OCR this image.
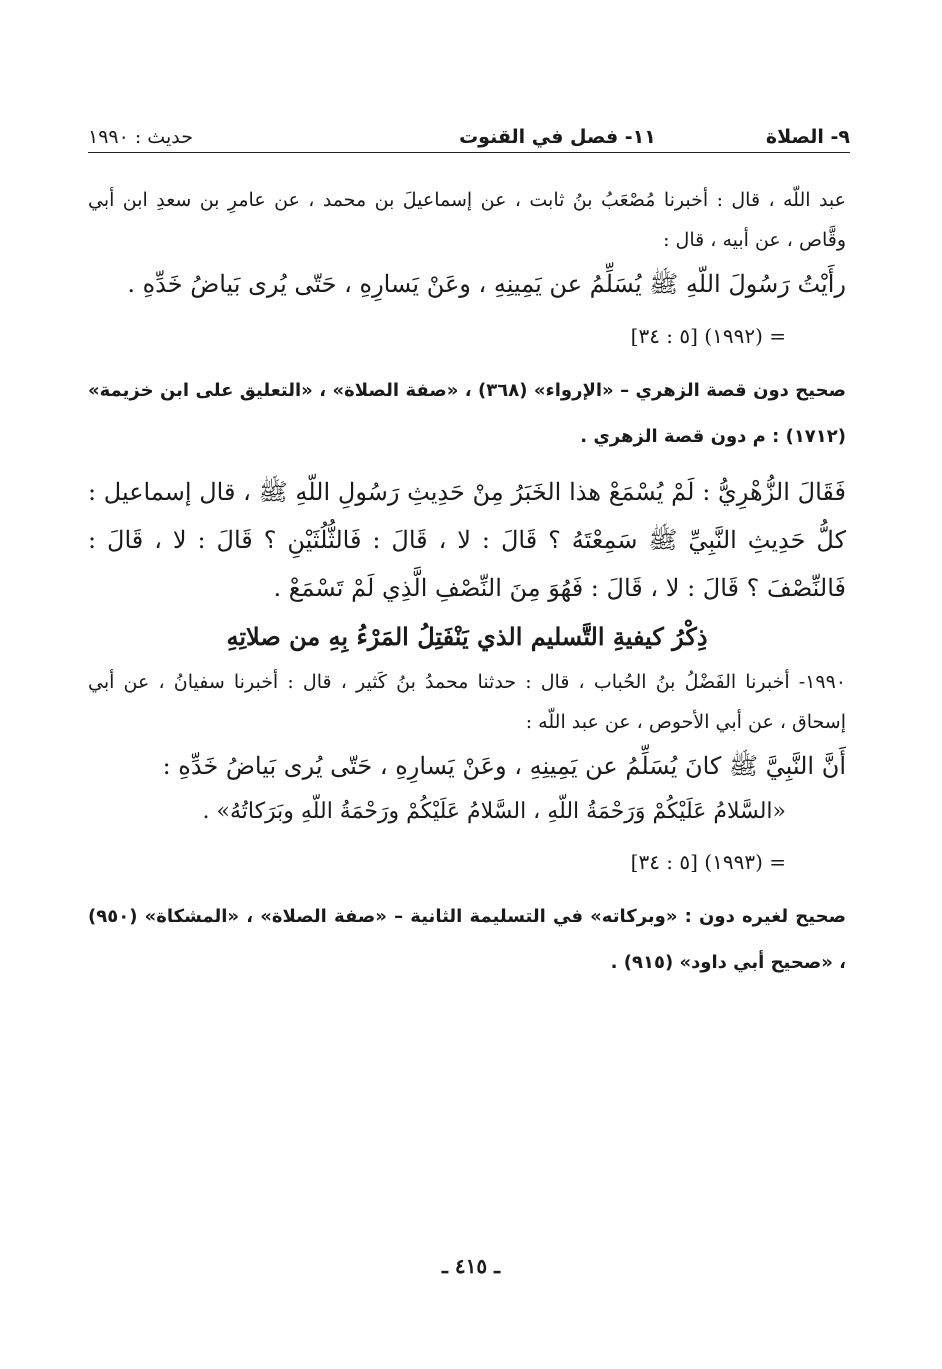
٩- الصلاة
١١- فصل في القنوت
حديث : ١٩٩٠

عبد اللّه ، قال : أخبرنا مُصْعَبُ بنُ ثابت ، عن إسماعيلَ بن محمد ، عن عامرِ بن سعدِ ابن أبي وقَّاص ، عن أبيه ، قال :

رأَيْتُ رَسُولَ اللّهِ ﷺ يُسَلِّمُ عن يَمِينِهِ ، وعَنْ يَسارِهِ ، حَتّى يُرى بَياضُ خَدِّهِ .

= (١٩٩٢) [٥ : ٣٤]

صحيح دون قصة الزهري – «الإرواء» (٣٦٨) ، «صفة الصلاة» ، «التعليق على ابن خزيمة» (١٧١٢) : م دون قصة الزهري .

فَقَالَ الزُّهْرِيُّ : لَمْ يُسْمَعْ هذا الخَبَرُ مِنْ حَدِيثِ رَسُولِ اللّهِ ﷺ ، قال إسماعيل : كلُّ حَدِيثِ النَّبِيِّ ﷺ سَمِعْتَهُ ؟ قَالَ : لا ، قَالَ : فَالثُّلُثَيْنِ ؟ قَالَ : لا ، قَالَ : فَالنِّصْفَ ؟ قَالَ : لا ، قَالَ : فَهُوَ مِنَ النِّصْفِ الَّذِي لَمْ تَسْمَعْ .

ذِكْرُ كيفيةِ التَّسليم الذي يَنْفَتِلُ المَرْءُ بِهِ من صلاتِهِ

١٩٩٠- أخبرنا الفَضْلُ بنُ الحُباب ، قال : حدثنا محمدُ بنُ كَثير ، قال : أخبرنا سفيانُ ، عن أبي إسحاق ، عن أبي الأحوص ، عن عبد اللّه :

أَنَّ النَّبِيَّ ﷺ كانَ يُسَلِّمُ عن يَمِينِهِ ، وعَنْ يَسارِهِ ، حَتّى يُرى بَياضُ خَدِّهِ :

«السَّلامُ عَلَيْكُمْ وَرَحْمَةُ اللّهِ ، السَّلامُ عَلَيْكُمْ ورَحْمَةُ اللّهِ وبَرَكاتُهُ» .

= (١٩٩٣) [٥ : ٣٤]

صحيح لغيره دون : «وبركاته» في التسليمة الثانية – «صفة الصلاة» ، «المشكاة» (٩٥٠) ، «صحيح أبي داود» (٩١٥) .

ـ ٤١٥ ـ
